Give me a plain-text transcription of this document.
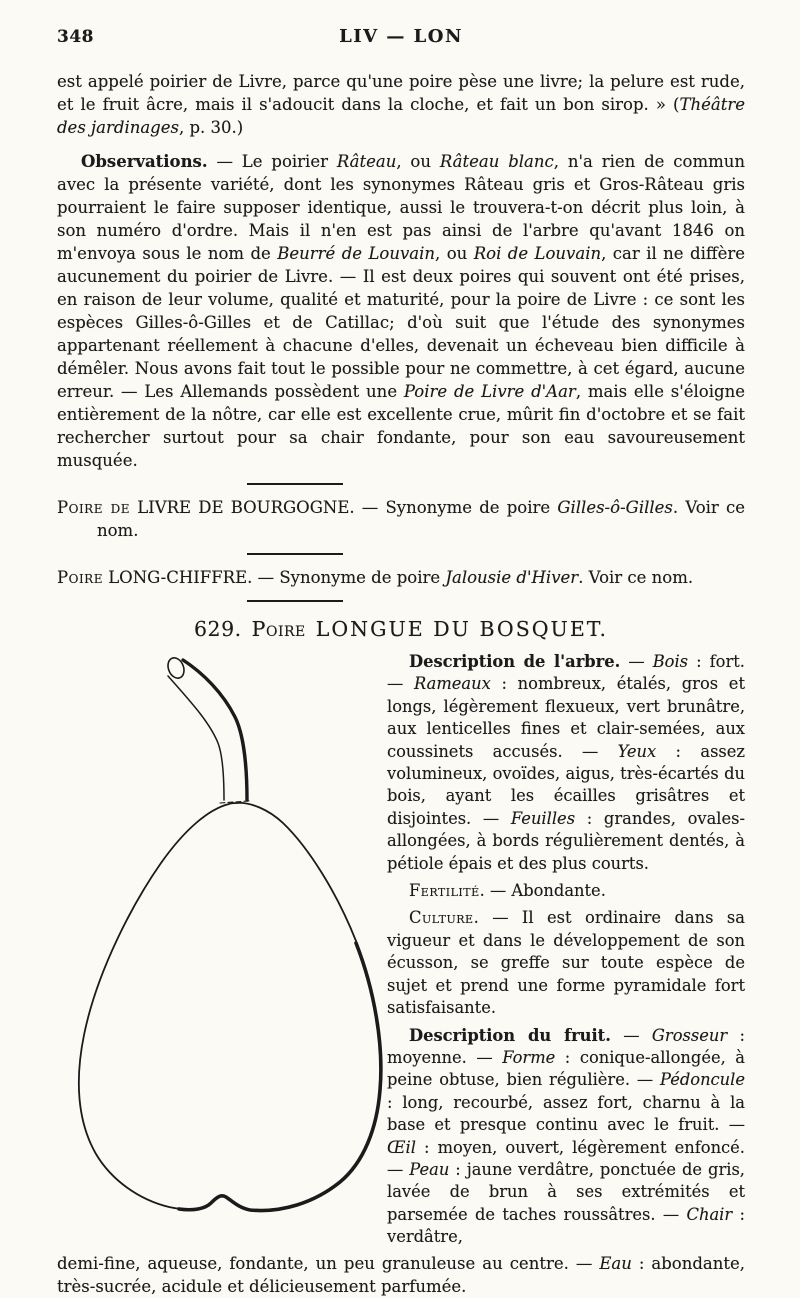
348	LIV — LON

est appelé poirier de Livre, parce qu'une poire pèse une livre; la pelure est rude, et le fruit âcre, mais il s'adoucit dans la cloche, et fait un bon sirop. » (Théâtre des jardinages, p. 30.)

Observations. — Le poirier Râteau, ou Râteau blanc, n'a rien de commun avec la présente variété, dont les synonymes Râteau gris et Gros-Râteau gris pourraient le faire supposer identique, aussi le trouvera-t-on décrit plus loin, à son numéro d'ordre. Mais il n'en est pas ainsi de l'arbre qu'avant 1846 on m'envoya sous le nom de Beurré de Louvain, ou Roi de Louvain, car il ne diffère aucunement du poirier de Livre. — Il est deux poires qui souvent ont été prises, en raison de leur volume, qualité et maturité, pour la poire de Livre : ce sont les espèces Gilles-ô-Gilles et de Catillac; d'où suit que l'étude des synonymes appartenant réellement à chacune d'elles, devenait un écheveau bien difficile à démêler. Nous avons fait tout le possible pour ne commettre, à cet égard, aucune erreur. — Les Allemands possèdent une Poire de Livre d'Aar, mais elle s'éloigne entièrement de la nôtre, car elle est excellente crue, mûrit fin d'octobre et se fait rechercher surtout pour sa chair fondante, pour son eau savoureusement musquée.

Poire de LIVRE DE BOURGOGNE. — Synonyme de poire Gilles-ô-Gilles. Voir ce nom.

Poire LONG-CHIFFRE. — Synonyme de poire Jalousie d'Hiver. Voir ce nom.

629. Poire LONGUE DU BOSQUET.

Description de l'arbre. — Bois : fort. — Rameaux : nombreux, étalés, gros et longs, légèrement flexueux, vert brunâtre, aux lenticelles fines et clair-semées, aux coussinets accusés. — Yeux : assez volumineux, ovoïdes, aigus, très-écartés du bois, ayant les écailles grisâtres et disjointes. — Feuilles : grandes, ovales-allongées, à bords régulièrement dentés, à pétiole épais et des plus courts.

Fertilité. — Abondante.

Culture. — Il est ordinaire dans sa vigueur et dans le développement de son écusson, se greffe sur toute espèce de sujet et prend une forme pyramidale fort satisfaisante.

Description du fruit. — Grosseur : moyenne. — Forme : conique-allongée, à peine obtuse, bien régulière. — Pédoncule : long, recourbé, assez fort, charnu à la base et presque continu avec le fruit. — Œil : moyen, ouvert, légèrement enfoncé. — Peau : jaune verdâtre, ponctuée de gris, lavée de brun à ses extrémités et parsemée de taches roussâtres. — Chair : verdâtre,

demi-fine, aqueuse, fondante, un peu granuleuse au centre. — Eau : abondante, très-sucrée, acidule et délicieusement parfumée.
